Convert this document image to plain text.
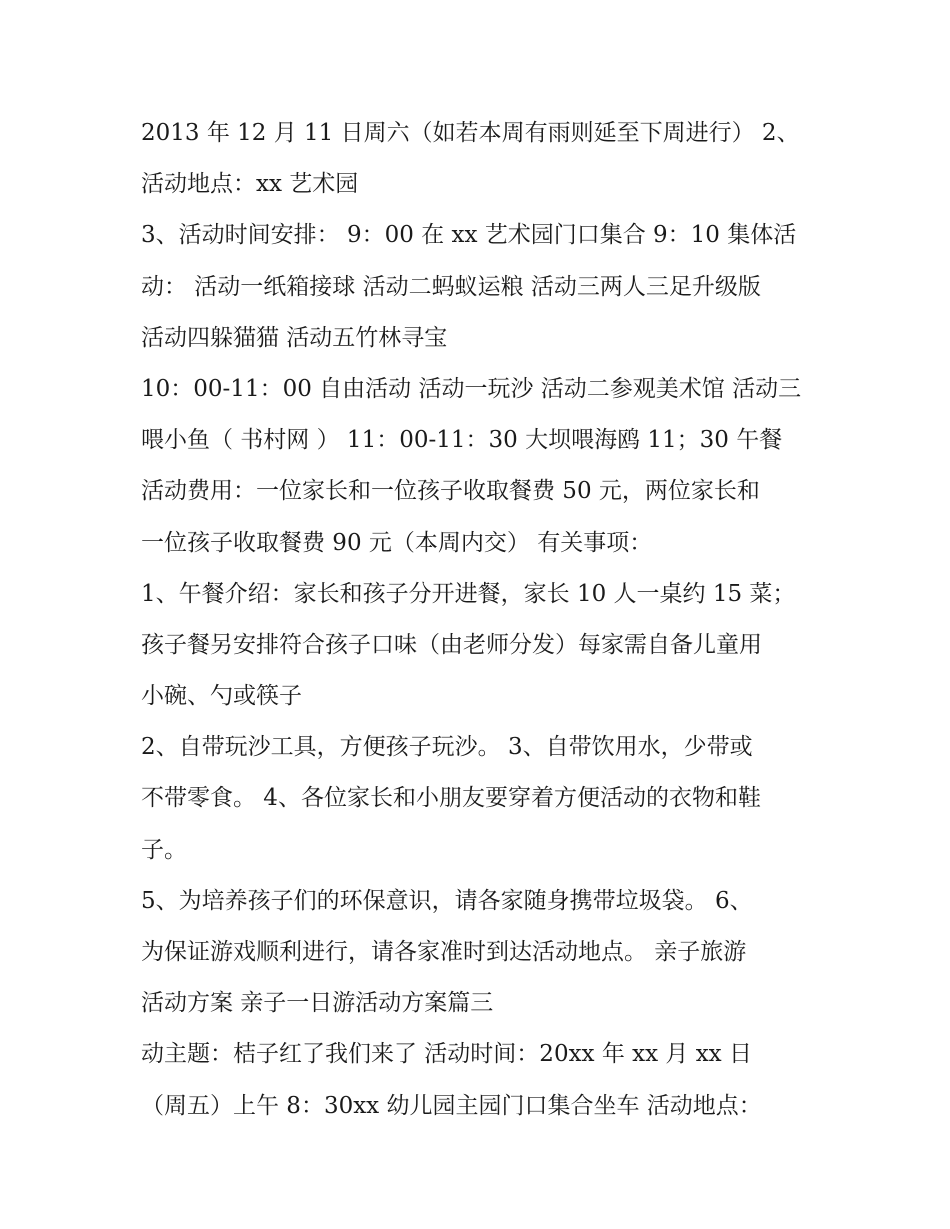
2013 年 12 月 11 日周六（如若本周有雨则延至下周进行） 2、
活动地点：xx 艺术园
3、活动时间安排： 9：00 在 xx 艺术园门口集合 9：10 集体活
动： 活动一纸箱接球 活动二蚂蚁运粮 活动三两人三足升级版
活动四躲猫猫 活动五竹林寻宝
10：00-11：00 自由活动 活动一玩沙 活动二参观美术馆 活动三
喂小鱼（ 书村网 ） 11：00-11：30 大坝喂海鸥 11；30 午餐
活动费用：一位家长和一位孩子收取餐费 50 元，两位家长和
一位孩子收取餐费 90 元（本周内交） 有关事项：
1、午餐介绍：家长和孩子分开进餐，家长 10 人一桌约 15 菜；
孩子餐另安排符合孩子口味（由老师分发）每家需自备儿童用
小碗、勺或筷子
2、自带玩沙工具，方便孩子玩沙。 3、自带饮用水，少带或
不带零食。 4、各位家长和小朋友要穿着方便活动的衣物和鞋
子。
5、为培养孩子们的环保意识，请各家随身携带垃圾袋。 6、
为保证游戏顺利进行，请各家准时到达活动地点。 亲子旅游
活动方案 亲子一日游活动方案篇三
动主题：桔子红了我们来了 活动时间：20xx 年 xx 月 xx 日
（周五）上午 8：30xx 幼儿园主园门口集合坐车 活动地点：
